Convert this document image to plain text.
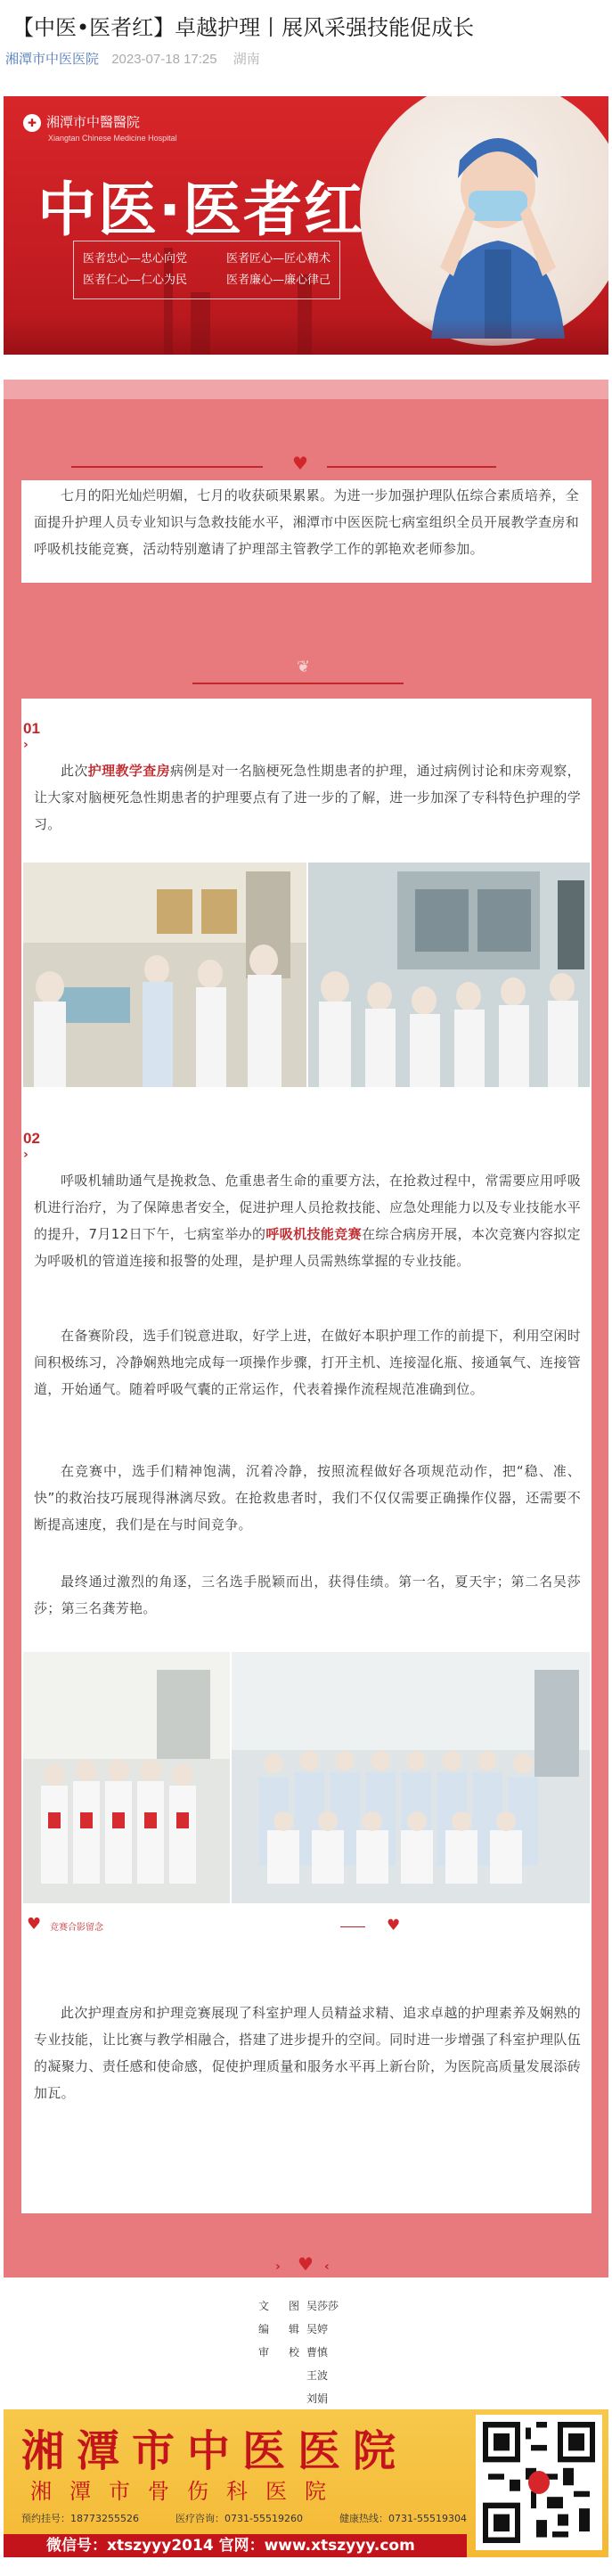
【中医•医者红】卓越护理丨展风采强技能促成长
湘潭市中医医院 2023-07-18 17:25 湖南
✚ 湘潭市中醫醫院
Xiangtan Chinese Medicine Hospital
中医·医者红
医者忠心—忠心向党	医者匠心—匠心精术
医者仁心—仁心为民	医者廉心—廉心律己
♥
七月的阳光灿烂明媚，七月的收获硕果累累。为进一步加强护理队伍综合素质培养，全面提升护理人员专业知识与急救技能水平，湘潭市中医医院七病室组织全员开展教学查房和呼吸机技能竞赛，活动特别邀请了护理部主管教学工作的郭艳欢老师参加。
❦
01
›
此次护理教学查房病例是对一名脑梗死急性期患者的护理，通过病例讨论和床旁观察，让大家对脑梗死急性期患者的护理要点有了进一步的了解，进一步加深了专科特色护理的学习。
02
›
呼吸机辅助通气是挽救急、危重患者生命的重要方法，在抢救过程中，常需要应用呼吸机进行治疗，为了保障患者安全，促进护理人员抢救技能、应急处理能力以及专业技能水平的提升，7月12日下午，七病室举办的呼吸机技能竞赛在综合病房开展，本次竞赛内容拟定为呼吸机的管道连接和报警的处理，是护理人员需熟练掌握的专业技能。
在备赛阶段，选手们锐意进取，好学上进，在做好本职护理工作的前提下，利用空闲时间积极练习，冷静娴熟地完成每一项操作步骤，打开主机、连接湿化瓶、接通氧气、连接管道，开始通气。随着呼吸气囊的正常运作，代表着操作流程规范准确到位。
在竞赛中，选手们精神饱满，沉着冷静，按照流程做好各项规范动作，把“稳、准、快”的救治技巧展现得淋漓尽致。在抢救患者时，我们不仅仅需要正确操作仪器，还需要不断提高速度，我们是在与时间竞争。
最终通过激烈的角逐，三名选手脱颖而出，获得佳绩。第一名，夏天宇；第二名吴莎莎；第三名龚芳艳。
♥ 竞赛合影留念	♥
此次护理查房和护理竞赛展现了科室护理人员精益求精、追求卓越的护理素养及娴熟的专业技能，让比赛与教学相融合，搭建了进步提升的空间。同时进一步增强了科室护理队伍的凝聚力、责任感和使命感，促使护理质量和服务水平再上新台阶，为医院高质量发展添砖加瓦。
› ♥ ‹
文图 吴莎莎
编辑 吴婷
审校 曹慎
王波
刘娟
湘潭市中医医院
湘潭市骨伤科医院
预约挂号：18773255526	医疗咨询：0731-55519260	健康热线：0731-55519304
微信号：xtszyyy2014 官网：www.xtszyyy.com
